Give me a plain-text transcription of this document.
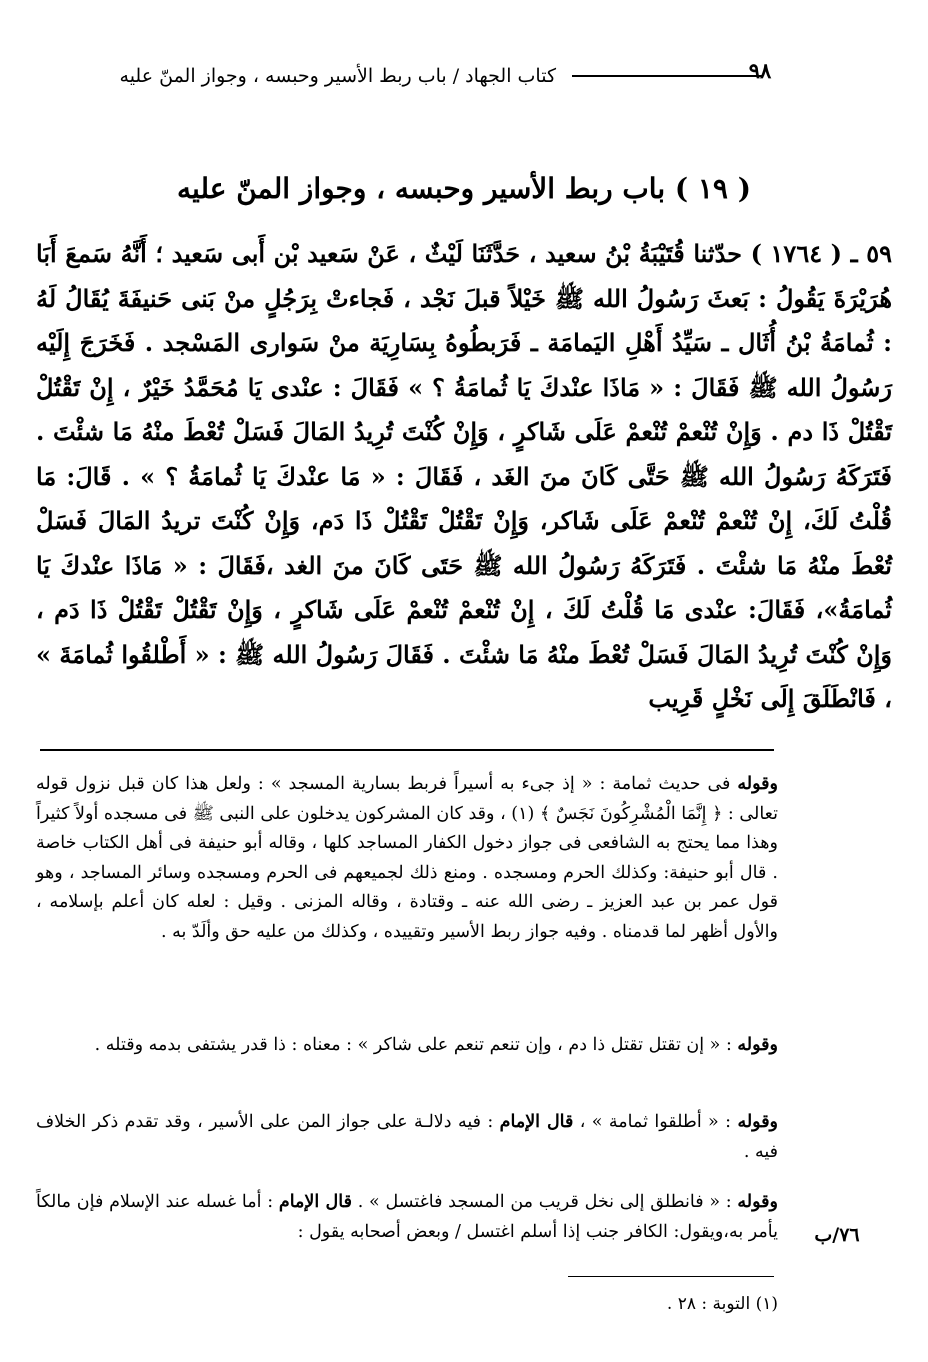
٩٨
كتاب الجهاد / باب ربط الأسير وحبسه ، وجواز المنّ عليه
( ١٩ ) باب ربط الأسير وحبسه ، وجواز المنّ عليه
٥٩ ـ ( ١٧٦٤ ) حدّثنا قُتَيْبَةُ بْنُ سعيد ، حَدَّثَنَا لَيْثٌ ، عَنْ سَعيد بْن أَبى سَعيد ؛ أَنَّهُ سَمعَ أَبَا هُرَيْرَةَ يَقُولُ : بَعثَ رَسُولُ الله ﷺ خَيْلاً قبلَ نَجْد ، فَجاءتْ بِرَجُلٍ منْ بَنى حَنيفَةَ يُقَالُ لَهُ : ثُمامَةُ بْنُ أُثَال ـ سَيِّدُ أَهْلِ اليَمامَة ـ فَرَبطُوهُ بِسَارِيَة منْ سَوارى المَسْجد . فَخَرَجَ إِلَيْه رَسُولُ الله ﷺ فَقَالَ : « مَاذَا عنْدكَ يَا ثُمامَةُ ؟ » فَقَالَ : عنْدى يَا مُحَمَّدُ خَيْرٌ ، إِنْ تَقْتُلْ تَقْتُلْ ذَا دم . وَإِنْ تُنْعمْ تُنْعمْ عَلَى شَاكرٍ ، وَإِنْ كُنْتَ تُرِيدُ المَالَ فَسَلْ تُعْطَ منْهُ مَا شئْتَ . فَتَرَكَهُ رَسُولُ الله ﷺ حَتَّى كَانَ منَ الغَد ، فَقَالَ : « مَا عنْدكَ يَا ثُمامَةُ ؟ » . قَالَ: مَا قُلْتُ لَكَ، إِنْ تُنْعمْ تُنْعمْ عَلَى شَاكر، وَإِنْ تَقْتُلْ تَقْتُلْ ذَا دَم، وَإِنْ كُنْتَ تريدُ المَالَ فَسَلْ تُعْطَ منْهُ مَا شئْتَ . فَتَرَكَهُ رَسُولُ الله ﷺ حَتَى كَانَ منَ الغد ،فَقَالَ : « مَاذَا عنْدكَ يَا ثُمامَةُ»، فَقَالَ: عنْدى مَا قُلْتُ لَكَ ، إِنْ تُنْعمْ تُنْعمْ عَلَى شَاكرٍ ، وَإِنْ تَقْتُلْ تَقْتُلْ ذَا دَم ، وَإِنْ كُنْتَ تُرِيدُ المَالَ فَسَلْ تُعْطَ منْهُ مَا شئْتَ . فَقَالَ رَسُولُ الله ﷺ : « أَطْلقُوا ثُمامَةَ » ، فَانْطَلَقَ إِلَى نَخْلٍ قَرِيب
وقوله فى حديث ثمامة : « إذ جىء به أسيراً فربط بسارية المسجد » : ولعل هذا كان قبل نزول قوله تعالى : ﴿ إِنَّمَا الْمُشْرِكُونَ نَجَسٌ ﴾ (١) ، وقد كان المشركون يدخلون على النبى ﷺ فى مسجده أولاً كثيراً وهذا مما يحتج به الشافعى فى جواز دخول الكفار المساجد كلها ، وقاله أبو حنيفة فى أهل الكتاب خاصة . قال أبو حنيفة: وكذلك الحرم ومسجده . ومنع ذلك لجميعهم فى الحرم ومسجده وسائر المساجد ، وهو قول عمر بن عبد العزيز ـ رضى الله عنه ـ وقتادة ، وقاله المزنى . وقيل : لعله كان أعلم بإسلامه ، والأول أظهر لما قدمناه . وفيه جواز ربط الأسير وتقييده ، وكذلك من عليه حق وألَدّ به .
وقوله : « إن تقتل تقتل ذا دم ، وإن تنعم تنعم على شاكر » : معناه : ذا قدر يشتفى بدمه وقتله .
وقوله : « أطلقوا ثمامة » ، قال الإمام : فيه دلالـة على جواز المن على الأسير ، وقد تقدم ذكر الخلاف فيه .
وقوله : « فانطلق إلى نخل قريب من المسجد فاغتسل » . قال الإمام : أما غسله عند الإسلام فإن مالكاً يأمر به،ويقول: الكافر جنب إذا أسلم اغتسل / وبعض أصحابه يقول :	٧٦/ب
(١) التوبة : ٢٨ .
